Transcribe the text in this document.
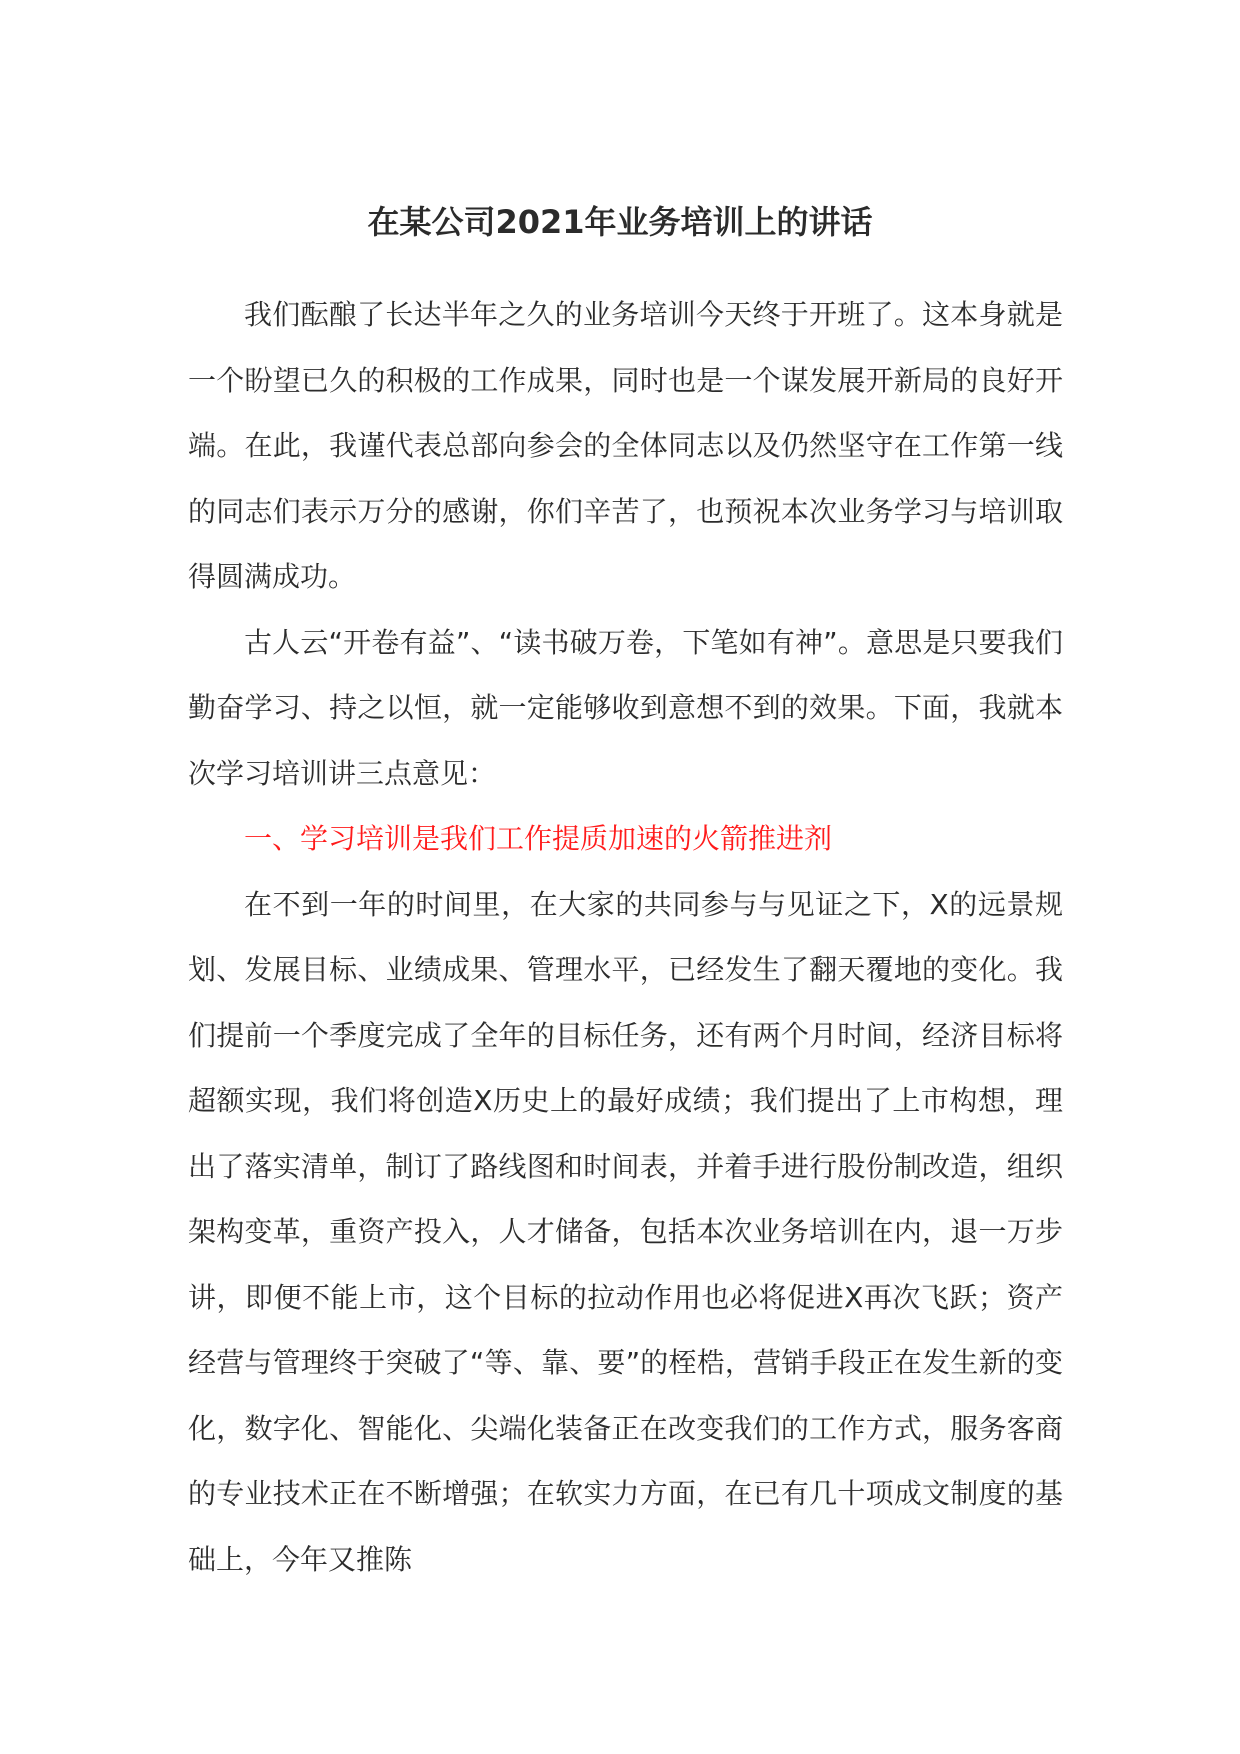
在某公司2021年业务培训上的讲话

我们酝酿了长达半年之久的业务培训今天终于开班了。这本身就是一个盼望已久的积极的工作成果，同时也是一个谋发展开新局的良好开端。在此，我谨代表总部向参会的全体同志以及仍然坚守在工作第一线的同志们表示万分的感谢，你们辛苦了，也预祝本次业务学习与培训取得圆满成功。

古人云“开卷有益”、“读书破万卷，下笔如有神”。意思是只要我们勤奋学习、持之以恒，就一定能够收到意想不到的效果。下面，我就本次学习培训讲三点意见：

一、学习培训是我们工作提质加速的火箭推进剂

在不到一年的时间里，在大家的共同参与与见证之下，X的远景规划、发展目标、业绩成果、管理水平，已经发生了翻天覆地的变化。我们提前一个季度完成了全年的目标任务，还有两个月时间，经济目标将超额实现，我们将创造X历史上的最好成绩；我们提出了上市构想，理出了落实清单，制订了路线图和时间表，并着手进行股份制改造，组织架构变革，重资产投入，人才储备，包括本次业务培训在内，退一万步讲，即便不能上市，这个目标的拉动作用也必将促进X再次飞跃；资产经营与管理终于突破了“等、靠、要”的桎梏，营销手段正在发生新的变化，数字化、智能化、尖端化装备正在改变我们的工作方式，服务客商的专业技术正在不断增强；在软实力方面，在已有几十项成文制度的基础上，今年又推陈
